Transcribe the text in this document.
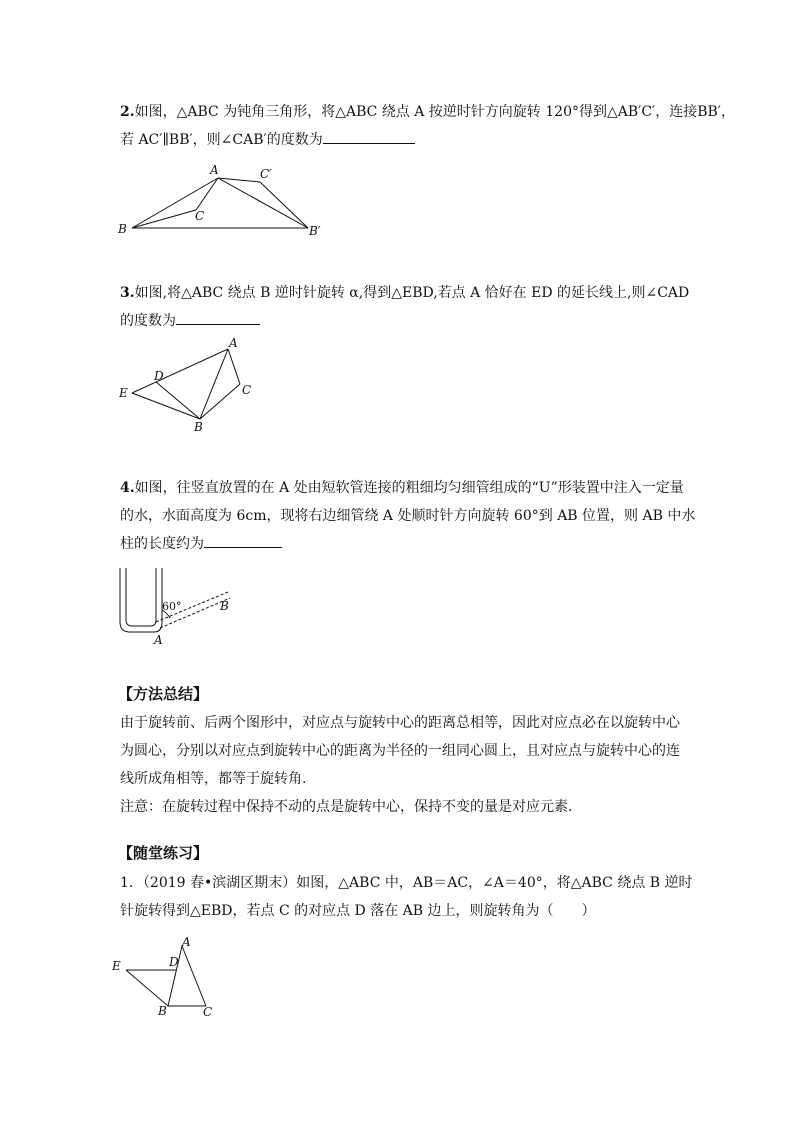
2.如图，△ABC 为钝角三角形，将△ABC 绕点 A 按逆时针方向旋转 120°得到△AB′C′，连接BB′，
若 AC′∥BB′，则∠CAB′的度数为
A
B
C
C′
B′
3.如图,将△ABC 绕点 B 逆时针旋转 α,得到△EBD,若点 A 恰好在 ED 的延长线上,则∠CAD
的度数为
A
D
E	C
B
4.如图，往竖直放置的在 A 处由短软管连接的粗细均匀细管组成的“U”形装置中注入一定量
的水，水面高度为 6cm，现将右边细管绕 A 处顺时针方向旋转 60°到 AB 位置，则 AB 中水
柱的长度约为
60°	B
A
【方法总结】
由于旋转前、后两个图形中，对应点与旋转中心的距离总相等，因此对应点必在以旋转中心
为圆心，分别以对应点到旋转中心的距离为半径的一组同心圆上，且对应点与旋转中心的连
线所成角相等，都等于旋转角.
注意：在旋转过程中保持不动的点是旋转中心，保持不变的量是对应元素．
【随堂练习】
1．（2019 春•滨湖区期末）如图，△ABC 中，AB＝AC，∠A＝40°，将△ABC 绕点 B 逆时
针旋转得到△EBD，若点 C 的对应点 D 落在 AB 边上，则旋转角为（　　）
A
D
E
B	C
